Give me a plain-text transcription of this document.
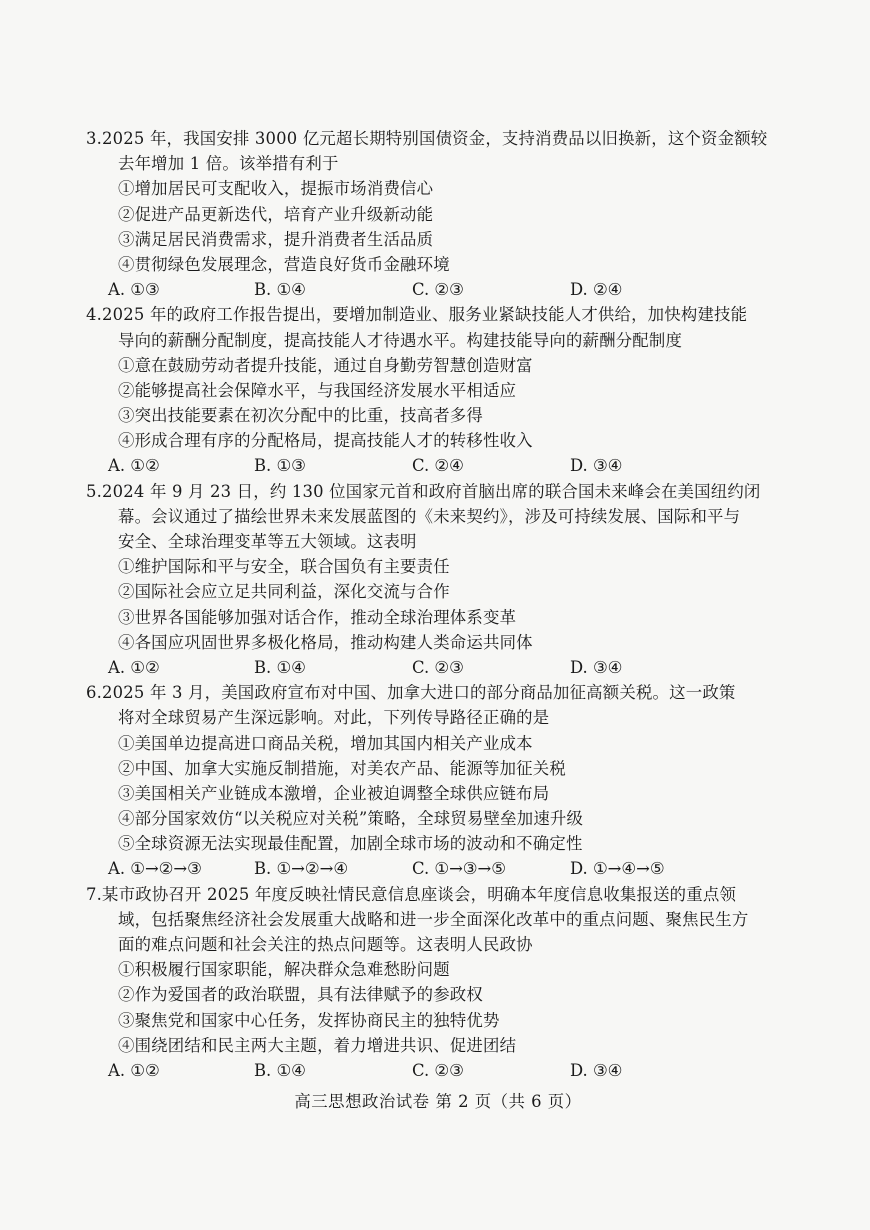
3.2025 年，我国安排 3000 亿元超长期特别国债资金，支持消费品以旧换新，这个资金额较
去年增加 1 倍。该举措有利于
①增加居民可支配收入，提振市场消费信心
②促进产品更新迭代，培育产业升级新动能
③满足居民消费需求，提升消费者生活品质
④贯彻绿色发展理念，营造良好货币金融环境
A. ①③	B. ①④	C. ②③	D. ②④
4.2025 年的政府工作报告提出，要增加制造业、服务业紧缺技能人才供给，加快构建技能
导向的薪酬分配制度，提高技能人才待遇水平。构建技能导向的薪酬分配制度
①意在鼓励劳动者提升技能，通过自身勤劳智慧创造财富
②能够提高社会保障水平，与我国经济发展水平相适应
③突出技能要素在初次分配中的比重，技高者多得
④形成合理有序的分配格局，提高技能人才的转移性收入
A. ①②	B. ①③	C. ②④	D. ③④
5.2024 年 9 月 23 日，约 130 位国家元首和政府首脑出席的联合国未来峰会在美国纽约闭
幕。会议通过了描绘世界未来发展蓝图的《未来契约》，涉及可持续发展、国际和平与
安全、全球治理变革等五大领域。这表明
①维护国际和平与安全，联合国负有主要责任
②国际社会应立足共同利益，深化交流与合作
③世界各国能够加强对话合作，推动全球治理体系变革
④各国应巩固世界多极化格局，推动构建人类命运共同体
A. ①②	B. ①④	C. ②③	D. ③④
6.2025 年 3 月，美国政府宣布对中国、加拿大进口的部分商品加征高额关税。这一政策
将对全球贸易产生深远影响。对此，下列传导路径正确的是
①美国单边提高进口商品关税，增加其国内相关产业成本
②中国、加拿大实施反制措施，对美农产品、能源等加征关税
③美国相关产业链成本激增，企业被迫调整全球供应链布局
④部分国家效仿“以关税应对关税”策略，全球贸易壁垒加速升级
⑤全球资源无法实现最佳配置，加剧全球市场的波动和不确定性
A. ①→②→③	B. ①→②→④	C. ①→③→⑤	D. ①→④→⑤
7.某市政协召开 2025 年度反映社情民意信息座谈会，明确本年度信息收集报送的重点领
域，包括聚焦经济社会发展重大战略和进一步全面深化改革中的重点问题、聚焦民生方
面的难点问题和社会关注的热点问题等。这表明人民政协
①积极履行国家职能，解决群众急难愁盼问题
②作为爱国者的政治联盟，具有法律赋予的参政权
③聚焦党和国家中心任务，发挥协商民主的独特优势
④围绕团结和民主两大主题，着力增进共识、促进团结
A. ①②	B. ①④	C. ②③	D. ③④
高三思想政治试卷 第 2 页（共 6 页）
